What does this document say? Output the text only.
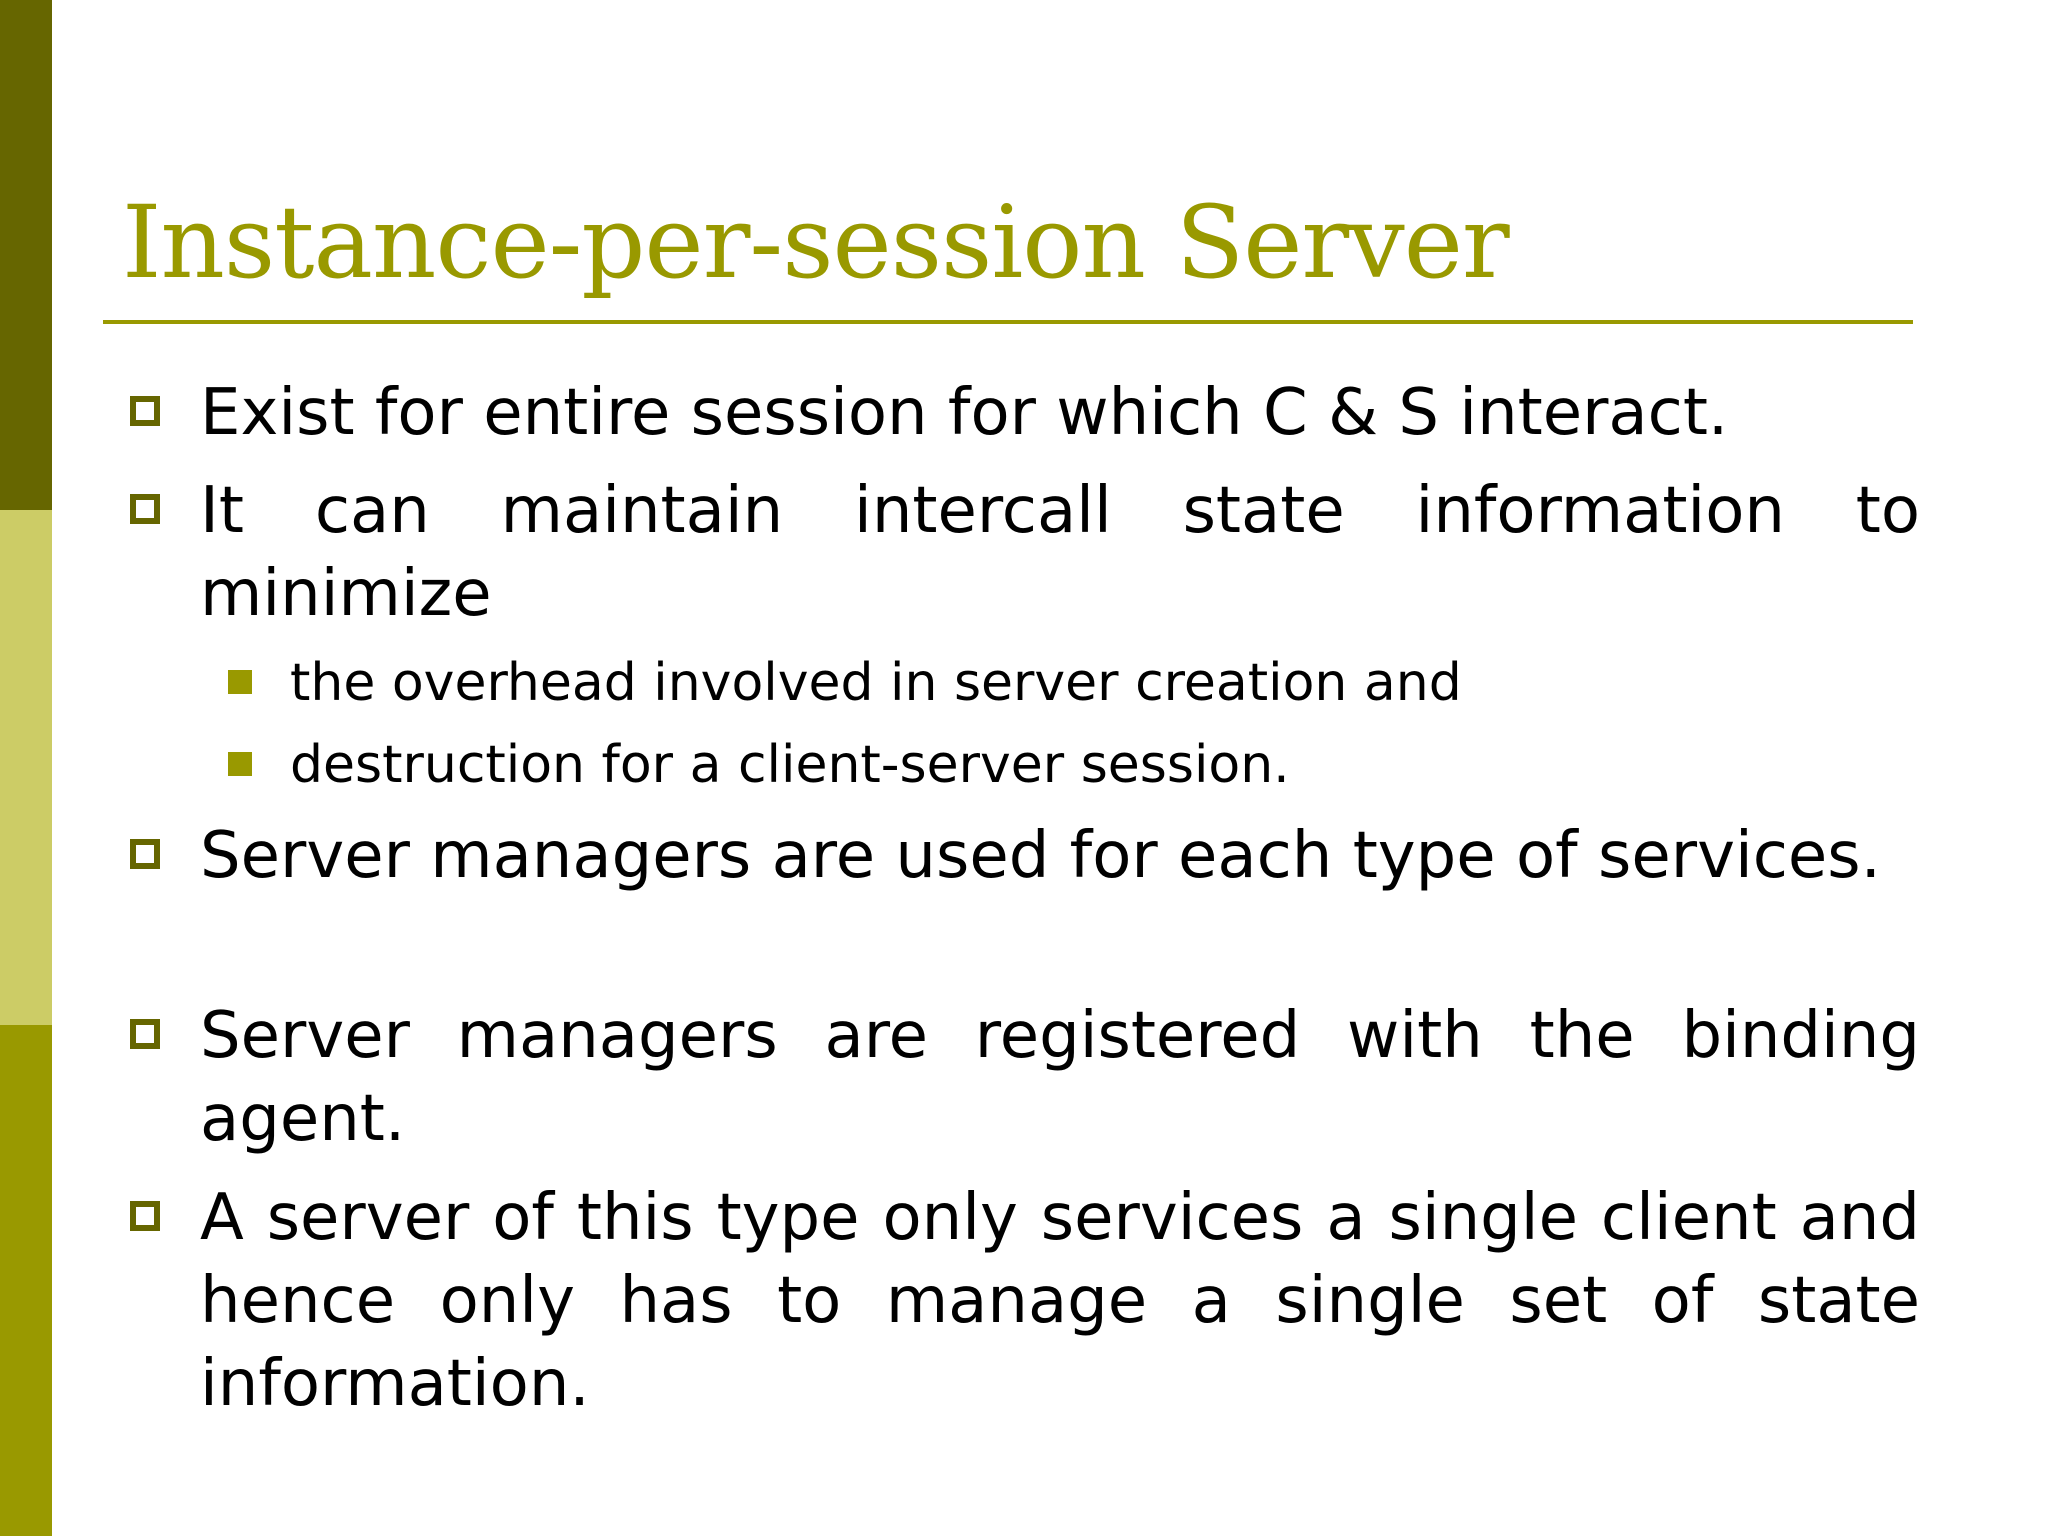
Instance-per-session Server
Exist for entire session for which C & S interact.
It can maintain intercall state information to minimize
the overhead involved in server creation and
destruction for a client-server session.
Server managers are used for each type of services.
Server managers are registered with the binding agent.
A server of this type only services a single client and hence only has to manage a single set of state information.
